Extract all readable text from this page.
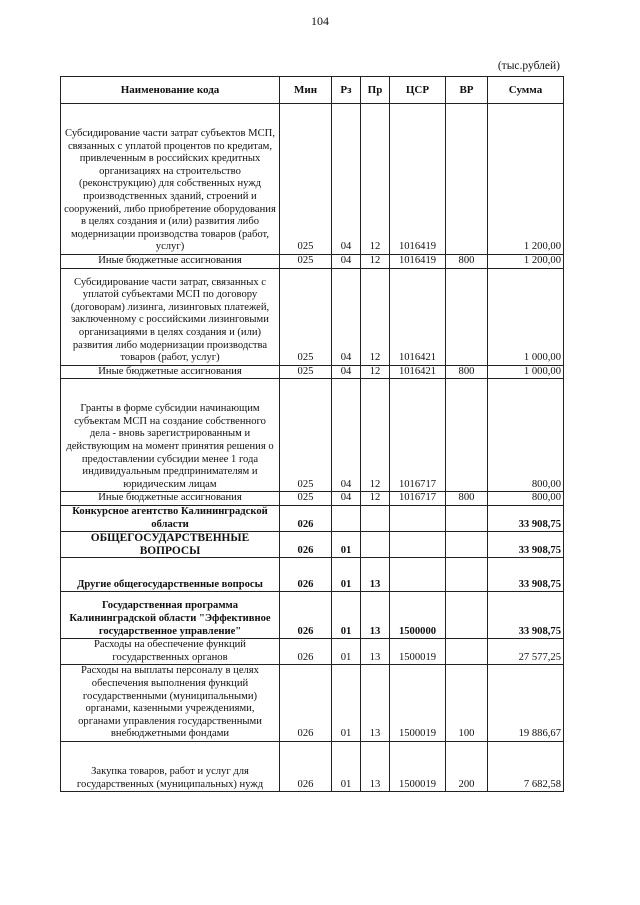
104
(тыс.рублей)
Наименование кода	Мин	Рз	Пр	ЦСР	ВР	Сумма

Субсидирование части затрат субъектов МСП, связанных с уплатой процентов по кредитам, привлеченным в российских кредитных организациях на строительство (реконструкцию) для собственных нужд производственных зданий, строений и сооружений, либо приобретение оборудования в целях создания и (или) развития либо модернизации производства товаров (работ, услуг)	025	04	12	1016419		1 200,00
Иные бюджетные ассигнования	025	04	12	1016419	800	1 200,00

Субсидирование части затрат, связанных с уплатой субъектами МСП по договору (договорам) лизинга, лизинговых платежей, заключенному с российскими лизинговыми организациями в целях создания и (или) развития либо модернизации производства товаров (работ, услуг)	025	04	12	1016421		1 000,00
Иные бюджетные ассигнования	025	04	12	1016421	800	1 000,00

Гранты в форме субсидии начинающим субъектам МСП на создание собственного дела - вновь зарегистрированным и действующим на момент принятия решения о предоставлении субсидии менее 1 года индивидуальным предпринимателям и юридическим лицам	025	04	12	1016717		800,00
Иные бюджетные ассигнования	025	04	12	1016717	800	800,00
Конкурсное агентство Калининградской области	026					33 908,75
ОБЩЕГОСУДАРСТВЕННЫЕ ВОПРОСЫ	026	01				33 908,75
Другие общегосударственные вопросы	026	01	13			33 908,75

Государственная программа Калининградской области "Эффективное государственное управление"	026	01	13	1500000		33 908,75
Расходы на обеспечение функций государственных органов	026	01	13	1500019		27 577,25
Расходы на выплаты персоналу в целях обеспечения выполнения функций государственными (муниципальными) органами, казенными учреждениями, органами управления государственными внебюджетными фондами	026	01	13	1500019	100	19 886,67

Закупка товаров, работ и услуг для государственных (муниципальных) нужд	026	01	13	1500019	200	7 682,58
